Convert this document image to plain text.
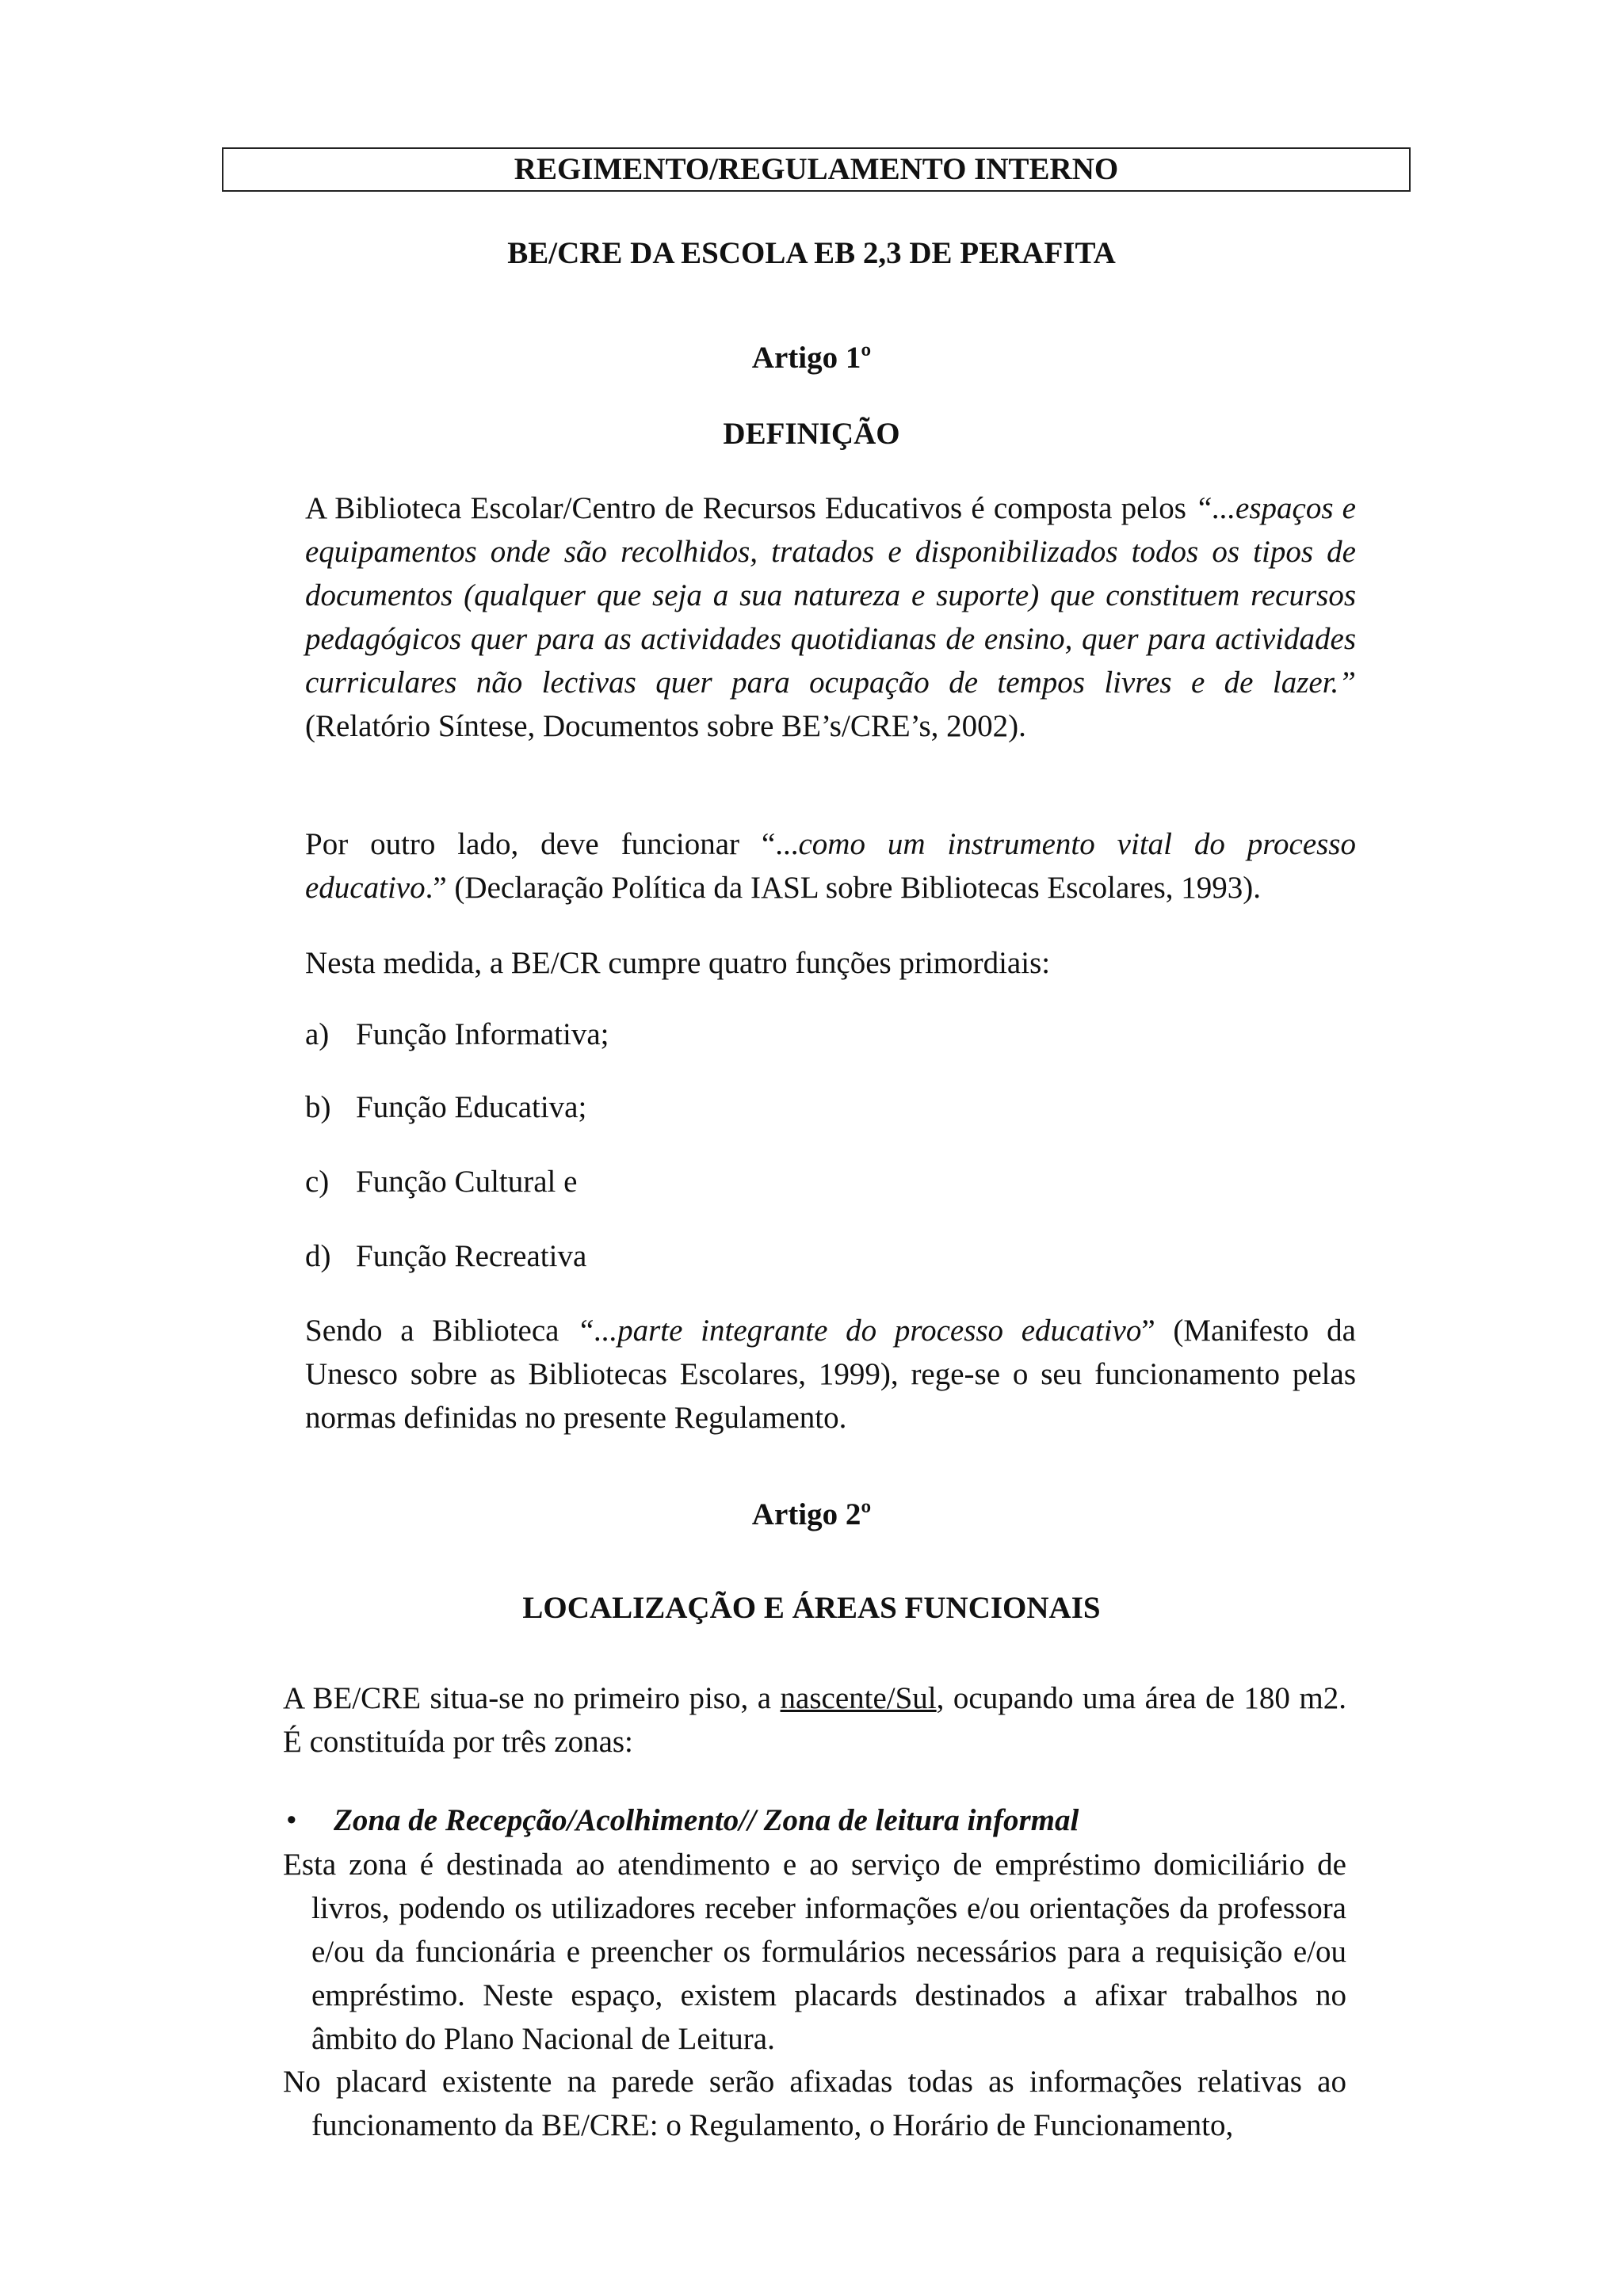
REGIMENTO/REGULAMENTO INTERNO
BE/CRE DA ESCOLA EB 2,3 DE PERAFITA
Artigo 1º
DEFINIÇÃO
A Biblioteca Escolar/Centro de Recursos Educativos é composta pelos “...espaços e equipamentos onde são recolhidos, tratados e disponibilizados todos os tipos de documentos (qualquer que seja a sua natureza e suporte) que constituem recursos pedagógicos quer para as actividades quotidianas de ensino, quer para actividades curriculares não lectivas quer para ocupação de tempos livres e de lazer.” (Relatório Síntese, Documentos sobre BE’s/CRE’s, 2002).
Por outro lado, deve funcionar “...como um instrumento vital do processo educativo.” (Declaração Política da IASL sobre Bibliotecas Escolares, 1993).
Nesta medida, a BE/CR cumpre quatro funções primordiais:
a) Função Informativa;
b) Função Educativa;
c) Função Cultural e
d) Função Recreativa
Sendo a Biblioteca “...parte integrante do processo educativo” (Manifesto da Unesco sobre as Bibliotecas Escolares, 1999), rege-se o seu funcionamento pelas normas definidas no presente Regulamento.
Artigo 2º
LOCALIZAÇÃO E ÁREAS FUNCIONAIS
A BE/CRE situa-se no primeiro piso, a nascente/Sul, ocupando uma área de 180 m2. É constituída por três zonas:
• Zona de Recepção/Acolhimento// Zona de leitura informal
Esta zona é destinada ao atendimento e ao serviço de empréstimo domiciliário de livros, podendo os utilizadores receber informações e/ou orientações da professora e/ou da funcionária e preencher os formulários necessários para a requisição e/ou empréstimo. Neste espaço, existem placards destinados a afixar trabalhos no âmbito do Plano Nacional de Leitura.
No placard existente na parede serão afixadas todas as informações relativas ao funcionamento da BE/CRE: o Regulamento, o Horário de Funcionamento,
